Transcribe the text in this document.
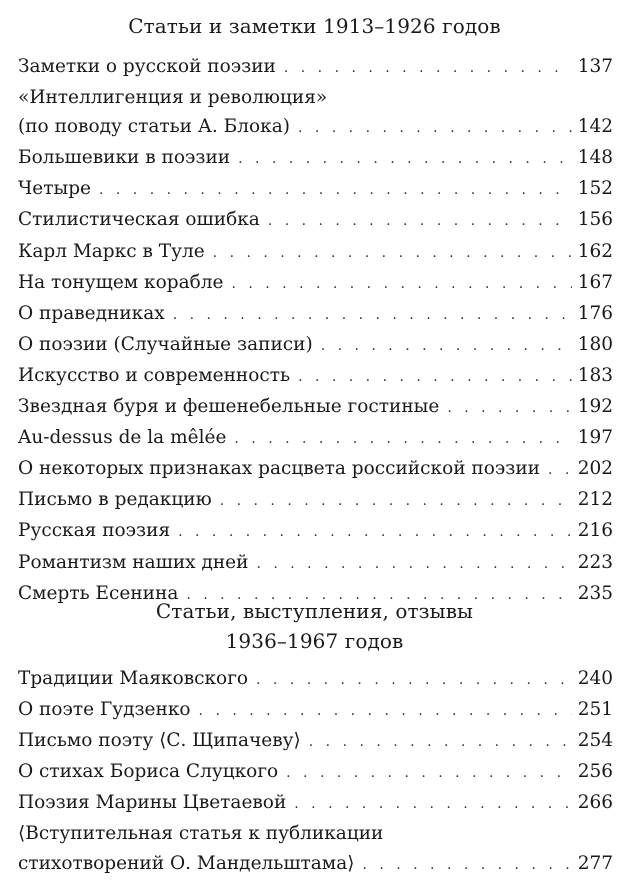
Статьи и заметки 1913–1926 годов
Заметки о русской поэзии . . .	137
«Интеллигенция и революция»
(по поводу статьи А. Блока) . . .	142
Большевики в поэзии . . .	148
Четыре . . .	152
Стилистическая ошибка . . .	156
Карл Маркс в Туле . . .	162
На тонущем корабле . . .	167
О праведниках . . .	176
О поэзии (Случайные записи) . . .	180
Искусство и современность . . .	183
Звездная буря и фешенебельные гостиные . . .	192
Au-dessus de la mêlée . . .	197
О некоторых признаках расцвета российской поэзии . . . 202
Письмо в редакцию . . .	212
Русская поэзия . . .	216
Романтизм наших дней . . .	223
Смерть Есенина . . .	235
Статьи, выступления, отзывы
1936–1967 годов
Традиции Маяковского . . .	240
О поэте Гудзенко . . .	251
Письмо поэту ⟨С. Щипачеву⟩ . . .	254
О стихах Бориса Слуцкого . . .	256
Поэзия Марины Цветаевой . . .	266
⟨Вступительная статья к публикации
стихотворений О. Мандельштама⟩ . . .	277
